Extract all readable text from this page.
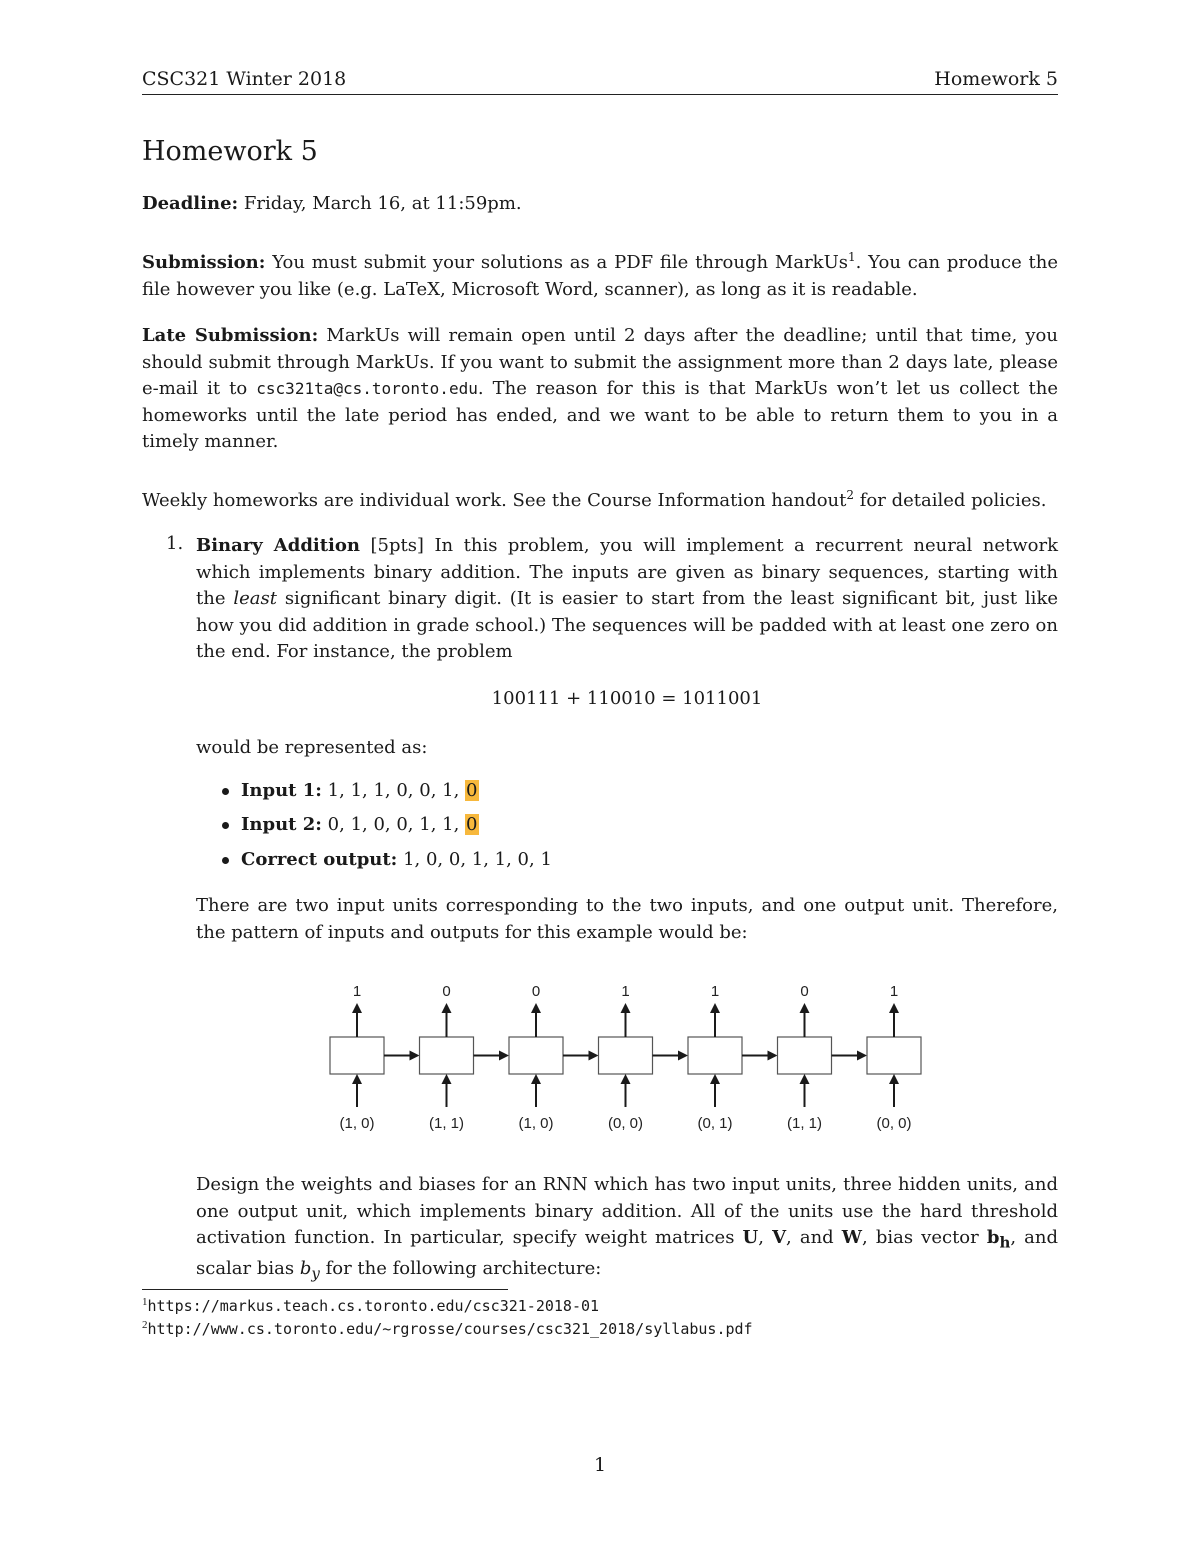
CSC321 Winter 2018	Homework 5
Homework 5
Deadline: Friday, March 16, at 11:59pm.
Submission: You must submit your solutions as a PDF file through MarkUs$^1$. You can produce the file however you like (e.g. LaTeX, Microsoft Word, scanner), as long as it is readable.
Late Submission: MarkUs will remain open until 2 days after the deadline; until that time, you should submit through MarkUs. If you want to submit the assignment more than 2 days late, please e-mail it to csc321ta@cs.toronto.edu. The reason for this is that MarkUs won’t let us collect the homeworks until the late period has ended, and we want to be able to return them to you in a timely manner.
Weekly homeworks are individual work. See the Course Information handout$^2$ for detailed policies.
1. Binary Addition [5pts] In this problem, you will implement a recurrent neural network which implements binary addition. The inputs are given as binary sequences, starting with the least significant binary digit. (It is easier to start from the least significant bit, just like how you did addition in grade school.) The sequences will be padded with at least one zero on the end. For instance, the problem
100111 + 110010 = 1011001
would be represented as:
Input 1: 1, 1, 1, 0, 0, 1, 0
Input 2: 0, 1, 0, 0, 1, 1, 0
Correct output: 1, 0, 0, 1, 1, 0, 1
There are two input units corresponding to the two inputs, and one output unit. Therefore, the pattern of inputs and outputs for this example would be:
1
(1, 0)
0
(1, 1)
0
(1, 0)
1
(0, 0)
1
(0, 1)
0
(1, 1)
1
(0, 0)
Design the weights and biases for an RNN which has two input units, three hidden units, and one output unit, which implements binary addition. All of the units use the hard threshold activation function. In particular, specify weight matrices U, V, and W, bias vector $b_h$, and scalar bias $b_y$ for the following architecture:
$^1$https://markus.teach.cs.toronto.edu/csc321-2018-01
$^2$http://www.cs.toronto.edu/~rgrosse/courses/csc321_2018/syllabus.pdf
1
